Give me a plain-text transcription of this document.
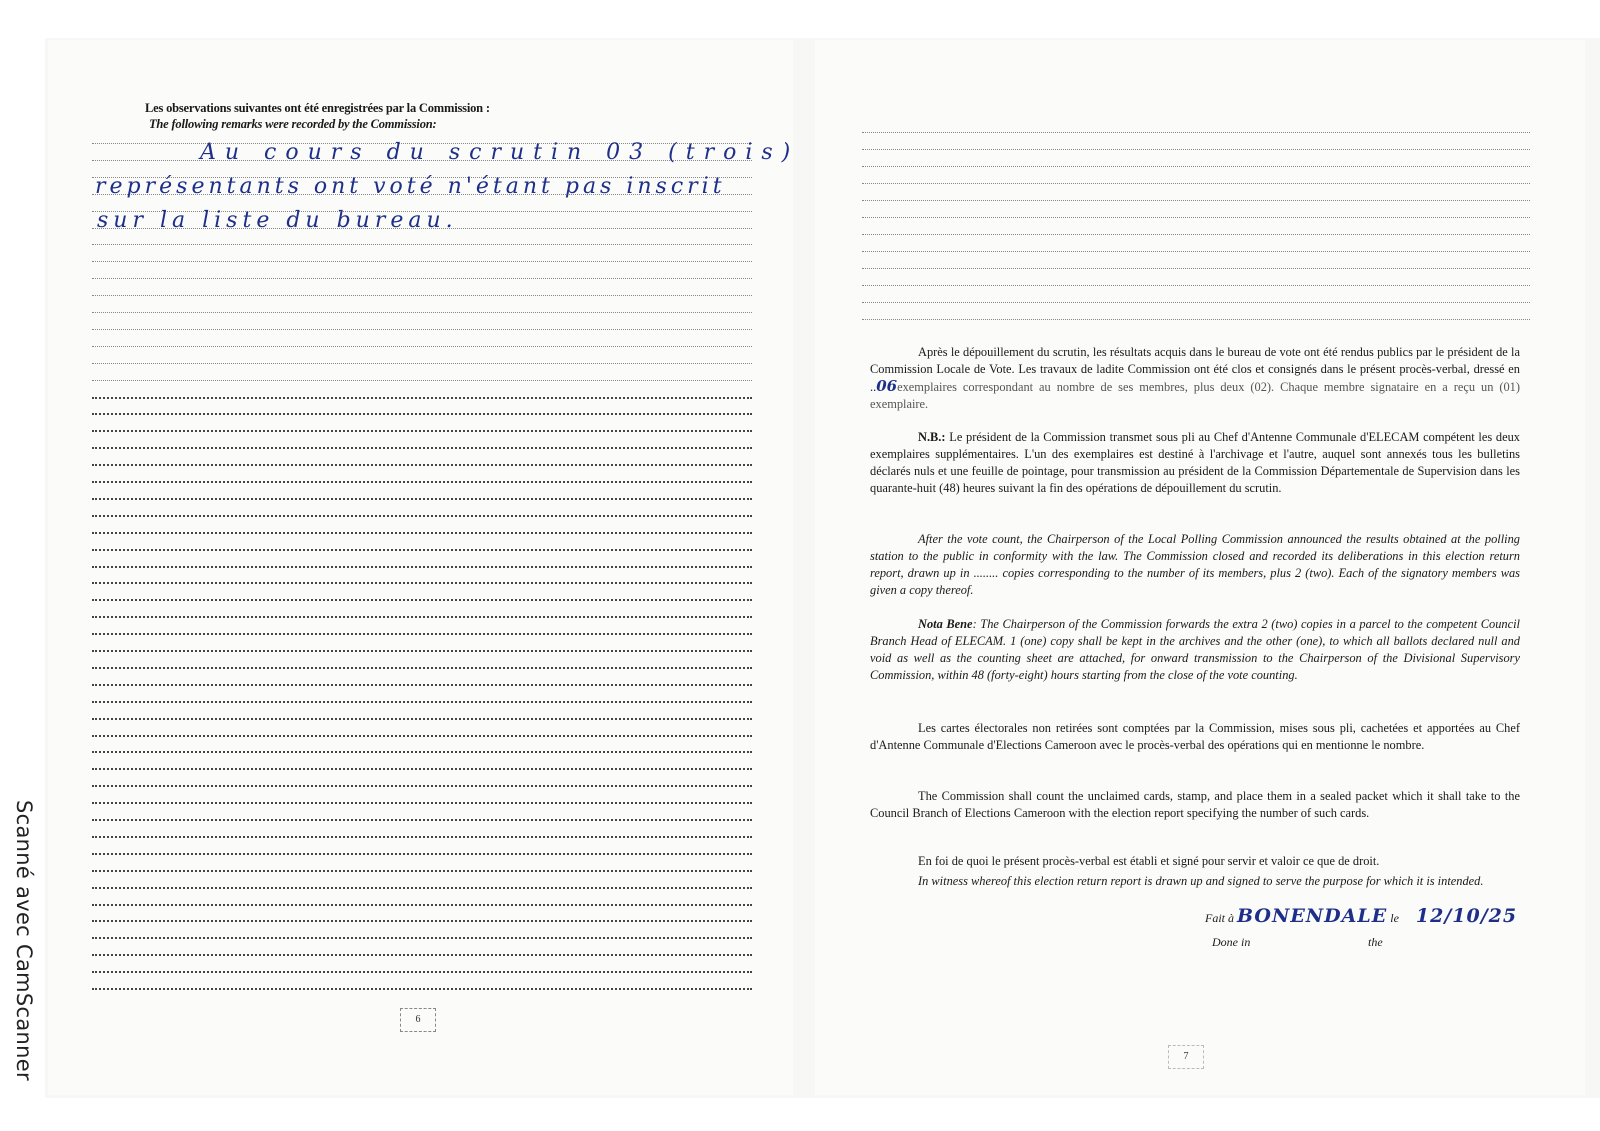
Scanné avec CamScanner
Les observations suivantes ont été enregistrées par la Commission :
The following remarks were recorded by the Commission:
Au cours du scrutin 03 (trois)
représentants ont voté n'étant pas inscrit
sur la liste du bureau.
6
Après le dépouillement du scrutin, les résultats acquis dans le bureau de vote ont été rendus publics par le président de la Commission Locale de Vote. Les travaux de ladite Commission ont été clos et consignés dans le présent procès-verbal, dressé en ..06exemplaires correspondant au nombre de ses membres, plus deux (02). Chaque membre signataire en a reçu un (01) exemplaire.
N.B.: Le président de la Commission transmet sous pli au Chef d'Antenne Communale d'ELECAM compétent les deux exemplaires supplémentaires. L'un des exemplaires est destiné à l'archivage et l'autre, auquel sont annexés tous les bulletins déclarés nuls et une feuille de pointage, pour transmission au président de la Commission Départementale de Supervision dans les quarante-huit (48) heures suivant la fin des opérations de dépouillement du scrutin.
After the vote count, the Chairperson of the Local Polling Commission announced the results obtained at the polling station to the public in conformity with the law. The Commission closed and recorded its deliberations in this election return report, drawn up in ........ copies corresponding to the number of its members, plus 2 (two). Each of the signatory members was given a copy thereof.
Nota Bene: The Chairperson of the Commission forwards the extra 2 (two) copies in a parcel to the competent Council Branch Head of ELECAM. 1 (one) copy shall be kept in the archives and the other (one), to which all ballots declared null and void as well as the counting sheet are attached, for onward transmission to the Chairperson of the Divisional Supervisory Commission, within 48 (forty-eight) hours starting from the close of the vote counting.
Les cartes électorales non retirées sont comptées par la Commission, mises sous pli, cachetées et apportées au Chef d'Antenne Communale d'Elections Cameroon avec le procès-verbal des opérations qui en mentionne le nombre.
The Commission shall count the unclaimed cards, stamp, and place them in a sealed packet which it shall take to the Council Branch of Elections Cameroon with the election report specifying the number of such cards.
En foi de quoi le présent procès-verbal est établi et signé pour servir et valoir ce que de droit.
In witness whereof this election return report is drawn up and signed to serve the purpose for which it is intended.
Fait à BONENDALE le 12/10/25
Done in	the
7
